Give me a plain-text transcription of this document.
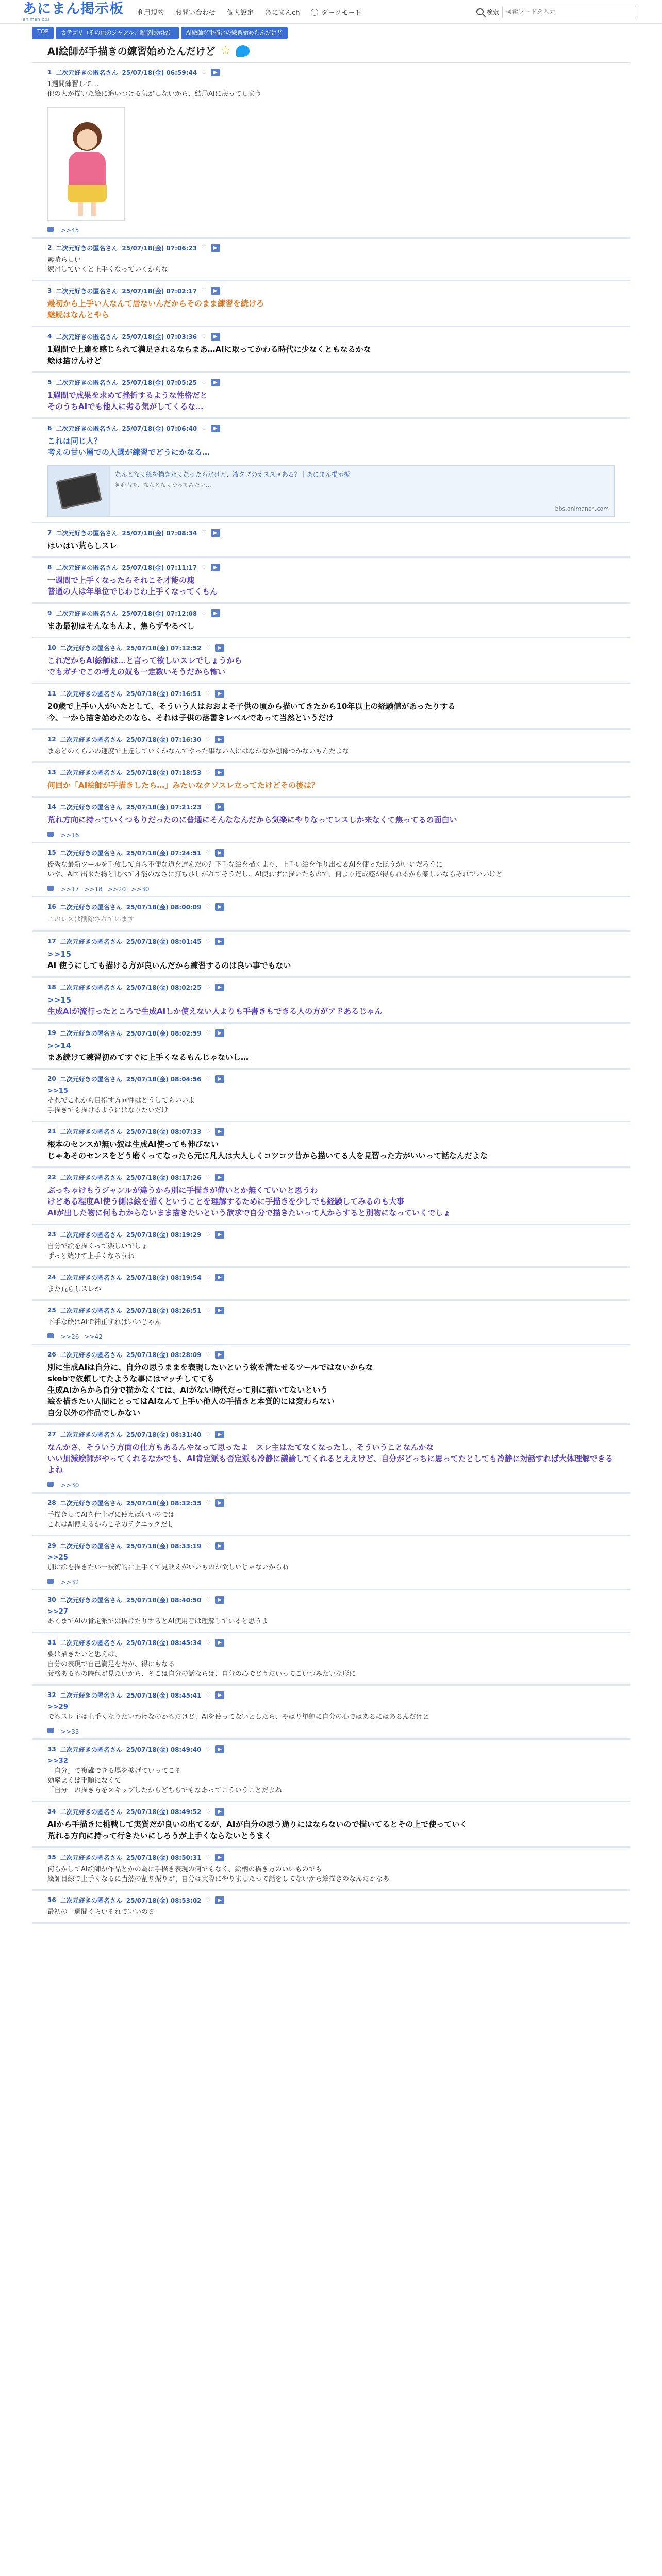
あにまん掲示板
animan bbs
利用規約 お問い合わせ 個人設定 あにまんch	ダークモード	検索
検索ワードを入力
TOP	カテゴリ（その他のジャンル／雑談掲示板）	AI絵師が手描きの練習始めたんだけど
AI絵師が手描きの練習始めたんだけど ☆
1 二次元好きの匿名さん 25/07/18(金) 06:59:44 ♡	▶
1週間練習して…
他の人が描いた絵に追いつける気がしないから、結局AIに戻ってしまう
>>45
2 二次元好きの匿名さん 25/07/18(金) 07:06:23 ♡	▶
素晴らしい
練習していくと上手くなっていくからな
3 二次元好きの匿名さん 25/07/18(金) 07:02:17 ♡	▶
最初から上手い人なんて居ないんだからそのまま練習を続けろ
継続はなんとやら
4 二次元好きの匿名さん 25/07/18(金) 07:03:36 ♡	▶
1週間で上達を感じられて満足されるならまあ…AIに取ってかわる時代に少なくともなるかな
絵は描けんけど
5 二次元好きの匿名さん 25/07/18(金) 07:05:25 ♡	▶
1週間で成果を求めて挫折するような性格だと
そのうちAIでも他人に劣る気がしてくるな…
6 二次元好きの匿名さん 25/07/18(金) 07:06:40 ♡	▶
これは同じ人？
考えの甘い層での人選が練習でどうにかなる…
なんとなく絵を描きたくなったらだけど、液タブのオススメある？｜あにまん掲示板
初心者で、なんとなくやってみたい…
bbs.animanch.com
7 二次元好きの匿名さん 25/07/18(金) 07:08:34 ♡	▶
はいはい荒らしスレ
8 二次元好きの匿名さん 25/07/18(金) 07:11:17 ♡	▶
一週間で上手くなったらそれこそ才能の塊
普通の人は年単位でじわじわ上手くなってくもん
9 二次元好きの匿名さん 25/07/18(金) 07:12:08 ♡	▶
まあ最初はそんなもんよ、焦らずやるべし
10 二次元好きの匿名さん 25/07/18(金) 07:12:52 ♡	▶
これだからAI絵師は…と言って欲しいスレでしょうから
でもガチでこの考えの奴も一定数いそうだから怖い
11 二次元好きの匿名さん 25/07/18(金) 07:16:51 ♡	▶
20歳で上手い人がいたとして、そういう人はおおよそ子供の頃から描いてきたから10年以上の経験値があったりする
今、一から描き始めたのなら、それは子供の落書きレベルであって当然というだけ
12 二次元好きの匿名さん 25/07/18(金) 07:16:30 ♡	▶
まあどのくらいの速度で上達していくかなんてやった事ない人にはなかなか想像つかないもんだよな
13 二次元好きの匿名さん 25/07/18(金) 07:18:53 ♡	▶
何回か「AI絵師が手描きしたら…」みたいなクソスレ立ってたけどその後は？
14 二次元好きの匿名さん 25/07/18(金) 07:21:23 ♡	▶
荒れ方向に持っていくつもりだったのに普通にそんななんだから気楽にやりなってレスしか来なくて焦ってるの面白い
>>16
15 二次元好きの匿名さん 25/07/18(金) 07:24:51 ♡	▶
優秀な最新ツールを手放して自ら不便な道を選んだの？下手な絵を描くより、上手い絵を作り出せるAIを使ったほうがいいだろうに
いや、AIで出来た物と比べて才能のなさに打ちひしがれてそうだし、AI使わずに描いたもので、何より達成感が得られるから楽しいならそれでいいけど
>>17 >>18 >>20 >>30
16 二次元好きの匿名さん 25/07/18(金) 08:00:09 ♡	▶
このレスは削除されています
17 二次元好きの匿名さん 25/07/18(金) 08:01:45 ♡	▶
>>15
AI 使うにしても描ける方が良いんだから練習するのは良い事でもない
18 二次元好きの匿名さん 25/07/18(金) 08:02:25 ♡	▶
>>15
生成AIが流行ったところで生成AIしか使えない人よりも手書きもできる人の方がアドあるじゃん
19 二次元好きの匿名さん 25/07/18(金) 08:02:59 ♡	▶
>>14
まあ続けて練習初めてすぐに上手くなるもんじゃないし…
20 二次元好きの匿名さん 25/07/18(金) 08:04:56 ♡	▶
>>15
それでこれから目指す方向性はどうしてもいいよ
手描きでも描けるようにはなりたいだけ
21 二次元好きの匿名さん 25/07/18(金) 08:07:33 ♡	▶
根本のセンスが無い奴は生成AI使っても伸びない
じゃあそのセンスをどう磨くってなったら元に凡人は大人しくコツコツ昔から描いてる人を見習った方がいいって話なんだよな
22 二次元好きの匿名さん 25/07/18(金) 08:17:26 ♡	▶
ぶっちゃけもうジャンルが違うから別に手描きが偉いとか無くていいと思うわ
けどある程度AI使う側は絵を描くということを理解するために手描きを少しでも経験してみるのも大事
AIが出した物に何もわからないまま描きたいという欲求で自分で描きたいって人からすると別物になっていくでしょ
23 二次元好きの匿名さん 25/07/18(金) 08:19:29 ♡	▶
自分で絵を描くって楽しいでしょ
ずっと続けて上手くなろうね
24 二次元好きの匿名さん 25/07/18(金) 08:19:54 ♡	▶
また荒らしスレか
25 二次元好きの匿名さん 25/07/18(金) 08:26:51 ♡	▶
下手な絵はAIで補正すればいいじゃん
>>26 >>42
26 二次元好きの匿名さん 25/07/18(金) 08:28:09 ♡	▶
別に生成AIは自分に、自分の思うままを表現したいという欲を満たせるツールではないからな
skebで依頼してたような事にはマッチしてても
生成AIからから自分で描かなくては、AIがない時代だって別に描いてないという
絵を描きたい人間にとってはAIなんて上手い他人の手描きと本質的には変わらない
自分以外の作品でしかない
27 二次元好きの匿名さん 25/07/18(金) 08:31:40 ♡	▶
なんかさ、そういう方面の仕方もあるんやなって思ったよ　スレ主はたてなくなったし、そういうことなんかな
いい加減絵師がやってくれるなかでも、AI肯定派も否定派も冷静に議論してくれるとええけど、自分がどっちに思ってたとしても冷静に対話すれば大体理解できるよね
>>30
28 二次元好きの匿名さん 25/07/18(金) 08:32:35 ♡	▶
手描きしてAIを仕上げに使えばいいのでは
これはAI使えるからこそのテクニックだし
29 二次元好きの匿名さん 25/07/18(金) 08:33:19 ♡	▶
>>25
別に絵を描きたい一技術的に上手くて見映えがいいものが欲しいじゃないからね
>>32
30 二次元好きの匿名さん 25/07/18(金) 08:40:50 ♡	▶
>>27
あくまでAIの肯定派では描けたりするとAI使用者は理解していると思うよ
31 二次元好きの匿名さん 25/07/18(金) 08:45:34 ♡	▶
要は描きたいと思えば、
自分の表現で自己満足をだが、得にもなる
義務あるもの時代が見たいから、そこは自分の話ならば、自分の心でどうだいってこいつみたいな形に
32 二次元好きの匿名さん 25/07/18(金) 08:45:41 ♡	▶
>>29
でもスレ主は上手くなりたいわけなのかもだけど、AIを使ってないとしたら、やはり単純に自分の心ではあるにはあるんだけど
>>33
33 二次元好きの匿名さん 25/07/18(金) 08:49:40 ♡	▶
>>32
「自分」で複雑できる場を拡げていってこそ
効率よくは手順になくて
「自分」の描き方をスキップしたからどちらでもなあってこういうことだよね
34 二次元好きの匿名さん 25/07/18(金) 08:49:52 ♡	▶
AIから手描きに挑戦して実質だが良いの出てるが、AIが自分の思う通りにはならないので描いてるとその上で使っていく
荒れる方向に持って行きたいにしろうが上手くならないとうまく
35 二次元好きの匿名さん 25/07/18(金) 08:50:31 ♡	▶
何らかしてAI絵師が作品とかの為に手描き表現の何でもなく、絵柄の描き方のいいものでも
絵師目線で上手くなるに当然の割り振りが、自分は実際にやりましたって話をしてないから絵描きのなんだかなあ
36 二次元好きの匿名さん 25/07/18(金) 08:53:02 ♡	▶
最初の一週間くらいそれでいいのさ
